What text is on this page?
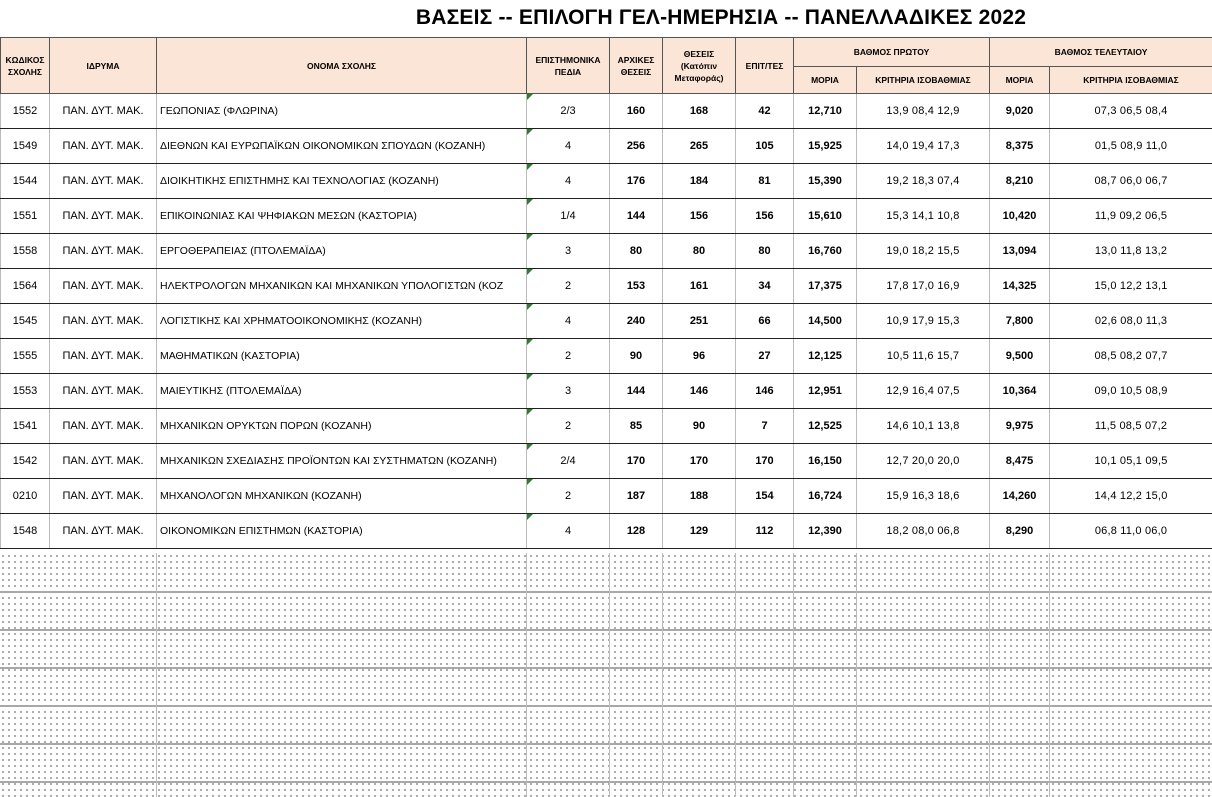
ΒΑΣΕΙΣ -- ΕΠΙΛΟΓΗ ΓΕΛ-ΗΜΕΡΗΣΙΑ -- ΠΑΝΕΛΛΑΔΙΚΕΣ 2022
ΚΩΔΙΚΟΣ ΣΧΟΛΗΣ	ΙΔΡΥΜΑ	ΟΝΟΜΑ ΣΧΟΛΗΣ	ΕΠΙΣΤΗΜΟΝΙΚΑ ΠΕΔΙΑ	ΑΡΧΙΚΕΣ ΘΕΣΕΙΣ	ΘΕΣΕΙΣ (Κατόπιν Μεταφοράς)	ΕΠΙΤ/ΤΕΣ	ΒΑΘΜΟΣ ΠΡΩΤΟΥ		ΒΑΘΜΟΣ ΤΕΛΕΥΤΑΙΟΥ	
							ΜΟΡΙΑ	ΚΡΙΤΗΡΙΑ ΙΣΟΒΑΘΜΙΑΣ	ΜΟΡΙΑ	ΚΡΙΤΗΡΙΑ ΙΣΟΒΑΘΜΙΑΣ
1552	ΠΑΝ. ΔΥΤ. ΜΑΚ.	ΓΕΩΠΟΝΙΑΣ (ΦΛΩΡΙΝΑ)	2/3	160	168	42	12,710	13,9 08,4 12,9	9,020	07,3 06,5 08,4
1549	ΠΑΝ. ΔΥΤ. ΜΑΚ.	ΔΙΕΘΝΩΝ ΚΑΙ ΕΥΡΩΠΑΪΚΩΝ ΟΙΚΟΝΟΜΙΚΩΝ ΣΠΟΥΔΩΝ (ΚΟΖΑΝΗ)	4	256	265	105	15,925	14,0 19,4 17,3	8,375	01,5 08,9 11,0
1544	ΠΑΝ. ΔΥΤ. ΜΑΚ.	ΔΙΟΙΚΗΤΙΚΗΣ ΕΠΙΣΤΗΜΗΣ ΚΑΙ ΤΕΧΝΟΛΟΓΙΑΣ (ΚΟΖΑΝΗ)	4	176	184	81	15,390	19,2 18,3 07,4	8,210	08,7 06,0 06,7
1551	ΠΑΝ. ΔΥΤ. ΜΑΚ.	ΕΠΙΚΟΙΝΩΝΙΑΣ ΚΑΙ ΨΗΦΙΑΚΩΝ ΜΕΣΩΝ (ΚΑΣΤΟΡΙΑ)	1/4	144	156	156	15,610	15,3 14,1 10,8	10,420	11,9 09,2 06,5
1558	ΠΑΝ. ΔΥΤ. ΜΑΚ.	ΕΡΓΟΘΕΡΑΠΕΙΑΣ (ΠΤΟΛΕΜΑΪΔΑ)	3	80	80	80	16,760	19,0 18,2 15,5	13,094	13,0 11,8 13,2
1564	ΠΑΝ. ΔΥΤ. ΜΑΚ.	ΗΛΕΚΤΡΟΛΟΓΩΝ ΜΗΧΑΝΙΚΩΝ ΚΑΙ ΜΗΧΑΝΙΚΩΝ ΥΠΟΛΟΓΙΣΤΩΝ (ΚΟΖ	2	153	161	34	17,375	17,8 17,0 16,9	14,325	15,0 12,2 13,1
1545	ΠΑΝ. ΔΥΤ. ΜΑΚ.	ΛΟΓΙΣΤΙΚΗΣ ΚΑΙ ΧΡΗΜΑΤΟΟΙΚΟΝΟΜΙΚΗΣ (ΚΟΖΑΝΗ)	4	240	251	66	14,500	10,9 17,9 15,3	7,800	02,6 08,0 11,3
1555	ΠΑΝ. ΔΥΤ. ΜΑΚ.	ΜΑΘΗΜΑΤΙΚΩΝ (ΚΑΣΤΟΡΙΑ)	2	90	96	27	12,125	10,5 11,6 15,7	9,500	08,5 08,2 07,7
1553	ΠΑΝ. ΔΥΤ. ΜΑΚ.	ΜΑΙΕΥΤΙΚΗΣ (ΠΤΟΛΕΜΑΪΔΑ)	3	144	146	146	12,951	12,9 16,4 07,5	10,364	09,0 10,5 08,9
1541	ΠΑΝ. ΔΥΤ. ΜΑΚ.	ΜΗΧΑΝΙΚΩΝ ΟΡΥΚΤΩΝ ΠΟΡΩΝ (ΚΟΖΑΝΗ)	2	85	90	7	12,525	14,6 10,1 13,8	9,975	11,5 08,5 07,2
1542	ΠΑΝ. ΔΥΤ. ΜΑΚ.	ΜΗΧΑΝΙΚΩΝ ΣΧΕΔΙΑΣΗΣ ΠΡΟΪΟΝΤΩΝ ΚΑΙ ΣΥΣΤΗΜΑΤΩΝ (ΚΟΖΑΝΗ)	2/4	170	170	170	16,150	12,7 20,0 20,0	8,475	10,1 05,1 09,5
0210	ΠΑΝ. ΔΥΤ. ΜΑΚ.	ΜΗΧΑΝΟΛΟΓΩΝ ΜΗΧΑΝΙΚΩΝ (ΚΟΖΑΝΗ)	2	187	188	154	16,724	15,9 16,3 18,6	14,260	14,4 12,2 15,0
1548	ΠΑΝ. ΔΥΤ. ΜΑΚ.	ΟΙΚΟΝΟΜΙΚΩΝ ΕΠΙΣΤΗΜΩΝ (ΚΑΣΤΟΡΙΑ)	4	128	129	112	12,390	18,2 08,0 06,8	8,290	06,8 11,0 06,0
